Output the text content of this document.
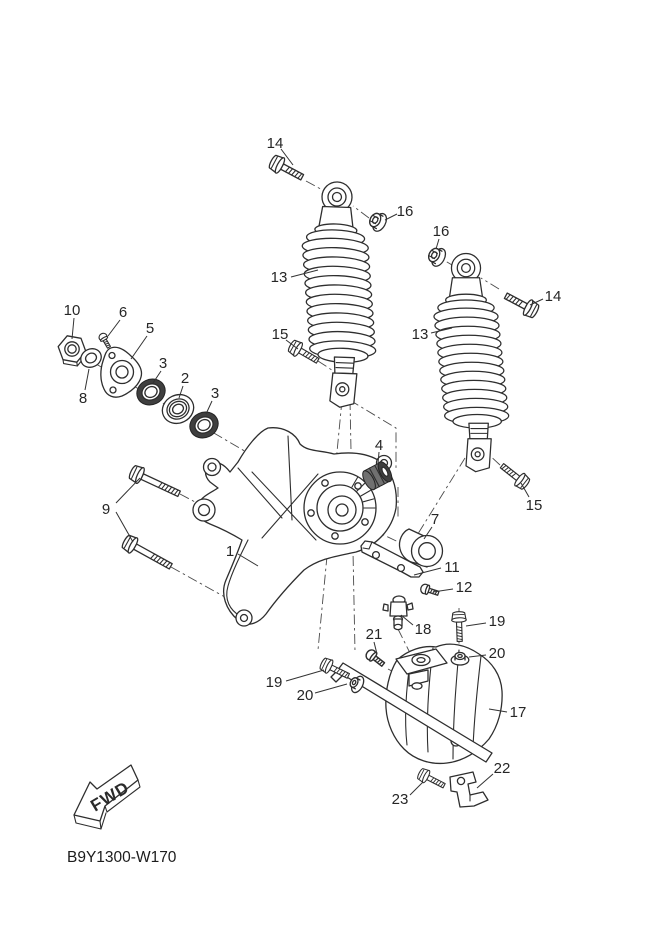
FWD
B9Y1300-W170
14
16
16
14
13
13
15
15
10	6
5
3
2
3
8
9
1
4
7
11
12
18
21
19
20
19
20
17
22
23
